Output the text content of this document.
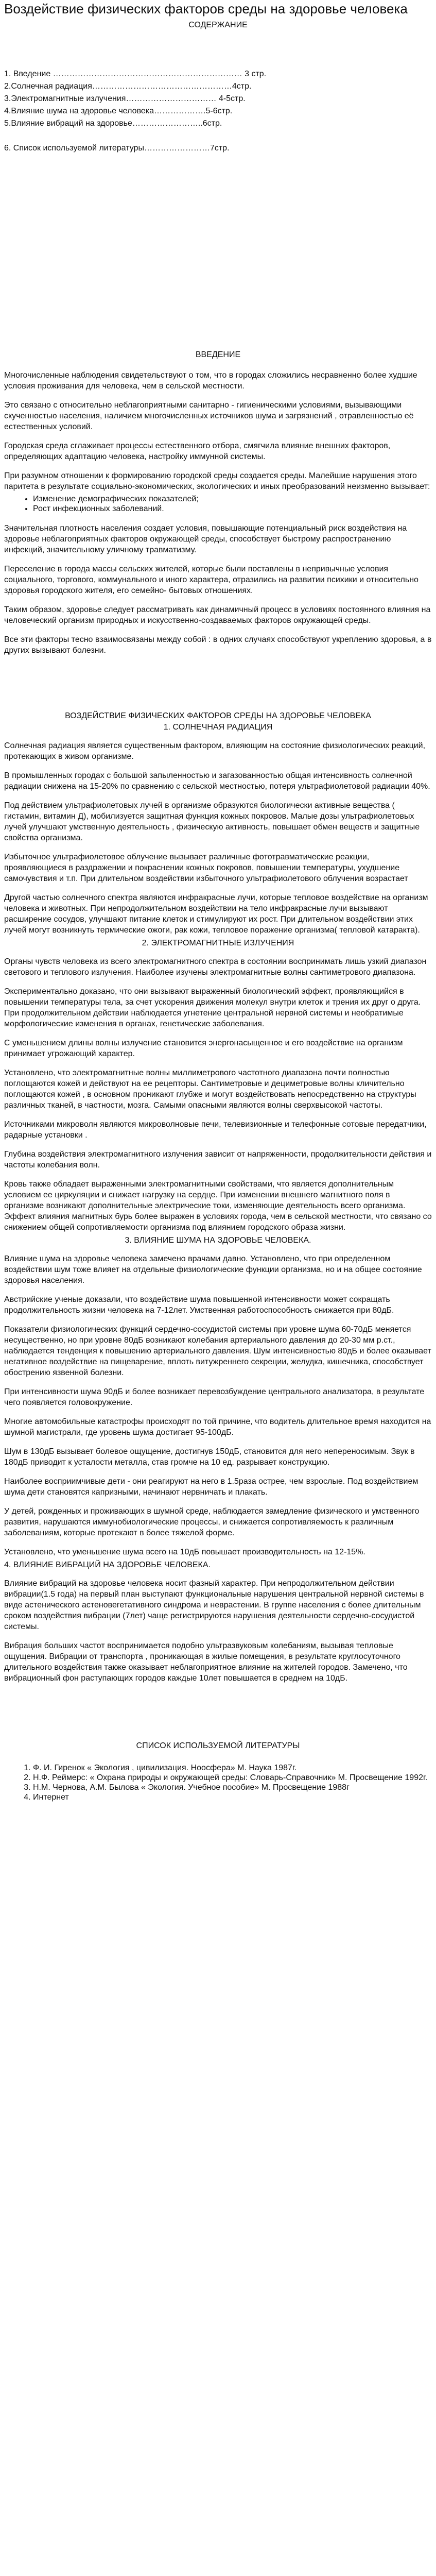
Воздействие физических факторов среды на здоровье человека

СОДЕРЖАНИЕ

1. Введение …………………………………………………………… 3 стр.

2.Солнечная радиация……………………………………………4стр.

3.Электромагнитные излучения…………………………… 4-5стр.

4.Влияние шума на здоровье человека……………….5-6стр.

5.Влияние вибраций на здоровье……………………..6стр.

6. Список используемой литературы……………………7стр.

ВВЕДЕНИЕ

Многочисленные наблюдения свидетельствуют о том, что в городах сложились несравненно более худшие условия проживания для человека, чем в сельской местности.

Это связано с относительно неблагоприятными санитарно - гигиеническими условиями, вызывающими скученностью населения, наличием многочисленных источников шума и загрязнений , отравленностью её естественных условий.

Городская среда сглаживает процессы естественного отбора, смягчила влияние внешних факторов, определяющих адаптацию человека, настройку иммунной системы.

При разумном отношении к формированию городской среды создается среды. Малейшие нарушения этого паритета в результате социально-экономических, экологических и иных преобразований неизменно вызывает:

• Изменение демографических показателей;
• Рост инфекционных заболеваний.

Значительная плотность населения создает условия, повышающие потенциальный риск воздействия на здоровье неблагоприятных факторов окружающей среды, способствует быстрому распространению инфекций, значительному уличному травматизму.

Переселение в города массы сельских жителей, которые были поставлены в непривычные условия социального, торгового, коммунального и иного характера, отразились на развитии психики и относительно здоровья городского жителя, его семейно- бытовых отношениях.

Таким образом, здоровье следует рассматривать как динамичный процесс в условиях постоянного влияния на человеческий организм природных и искусственно-создаваемых факторов окружающей среды.

Все эти факторы тесно взаимосвязаны между собой : в одних случаях способствуют укреплению здоровья, а в других вызывают болезни.

ВОЗДЕЙСТВИЕ ФИЗИЧЕСКИХ ФАКТОРОВ СРЕДЫ НА ЗДОРОВЬЕ ЧЕЛОВЕКА

1. СОЛНЕЧНАЯ РАДИАЦИЯ

Солнечная радиация является существенным фактором, влияющим на состояние физиологических реакций, протекающих в живом организме.

В промышленных городах с большой запыленностью и загазованностью общая интенсивность солнечной радиации снижена на 15-20% по сравнению с сельской местностью, потеря ультрафиолетовой радиации 40%.

Под действием ультрафиолетовых лучей в организме образуются биологически активные вещества ( гистамин, витамин Д), мобилизуется защитная функция кожных покровов. Малые дозы ультрафиолетовых лучей улучшают умственную деятельность , физическую активность, повышает обмен веществ и защитные свойства организма.

Избыточное ультрафиолетовое облучение вызывает различные фототравматические реакции, проявляющиеся в раздражении и покраснении кожных покровов, повышении температуры, ухудшение самочувствия и т.п. При длительном воздействии избыточного ультрафиолетового облучения возрастает

Другой частью солнечного спектра являются инфракрасные лучи, которые тепловое воздействие на организм человека и животных. При непродолжительном воздействии на тело инфракрасные лучи вызывают расширение сосудов, улучшают питание клеток и стимулируют их рост. При длительном воздействии этих лучей могут возникнуть термические ожоги, рак кожи, тепловое поражение организма( тепловой катаракта).

2. ЭЛЕКТРОМАГНИТНЫЕ ИЗЛУЧЕНИЯ

Органы чувств человека из всего электромагнитного спектра в состоянии воспринимать лишь узкий диапазон светового и теплового излучения. Наиболее изучены электромагнитные волны сантиметрового диапазона.

Экспериментально доказано, что они вызывают выраженный биологический эффект, проявляющийся в повышении температуры тела, за счет ускорения движения молекул внутри клеток и трения их друг о друга. При продолжительном действии наблюдается угнетение центральной нервной системы и необратимые морфологические изменения в органах, генетические заболевания.

С уменьшением длины волны излучение становится энергонасыщенное и его воздействие на организм принимает угрожающий характер.

Установлено, что электромагнитные волны миллиметрового частотного диапазона почти полностью поглощаются кожей и действуют на ее рецепторы. Сантиметровые и дециметровые волны кличительно поглощаются кожей , в основном проникают глубже и могут воздействовать непосредственно на структуры различных тканей, в частности, мозга. Самыми опасными являются волны сверхвысокой частоты.

Источниками микроволн являются микроволновые печи, телевизионные и телефонные сотовые передатчики, радарные установки .

Глубина воздействия электромагнитного излучения зависит от напряженности, продолжительности действия и частоты колебания волн.

Кровь также обладает выраженными электромагнитными свойствами, что является дополнительным условием ее циркуляции и снижает нагрузку на сердце. При изменении внешнего магнитного поля в организме возникают дополнительные электрические токи, изменяющие деятельность всего организма. Эффект влияния магнитных бурь более выражен в условиях города, чем в сельской местности, что связано со снижением общей сопротивляемости организма под влиянием городского образа жизни.

3. ВЛИЯНИЕ ШУМА НА ЗДОРОВЬЕ ЧЕЛОВЕКА.

Влияние шума на здоровье человека замечено врачами давно. Установлено, что при определенном воздействии шум тоже влияет на отдельные физиологические функции организма, но и на общее состояние здоровья населения.

Австрийские ученые доказали, что воздействие шума повышенной интенсивности может сокращать продолжительность жизни человека на 7-12лет. Умственная работоспособность снижается при 80дБ.

Показатели физиологических функций сердечно-сосудистой системы при уровне шума 60-70дБ меняется несущественно, но при уровне 80дБ возникают колебания артериального давления до 20-30 мм р.ст., наблюдается тенденция к повышению артериального давления. Шум интенсивностью 80дБ и более оказывает негативное воздействие на пищеварение, вплоть витужреннего секреции, желудка, кишечника, способствует обострению язвенной болезни.

При интенсивности шума 90дБ и более возникает перевозбуждение центрального анализатора, в результате чего появляется головокружение.

Многие автомобильные катастрофы происходят по той причине, что водитель длительное время находится на шумной магистрали, где уровень шума достигает 95-100дБ.

Шум в 130дБ вызывает болевое ощущение, достигнув 150дБ, становится для него непереносимым. Звук в 180дБ приводит к усталости металла, став громче на 10 ед. разрывает конструкцию.

Наиболее восприимчивые дети - они реагируют на него в 1.5раза острее, чем взрослые. Под воздействием шума дети становятся капризными, начинают нервничать и плакать.

У детей, рожденных и проживающих в шумной среде, наблюдается замедление физического и умственного развития, нарушаются иммунобиологические процессы, и снижается сопротивляемость к различным заболеваниям, которые протекают в более тяжелой форме.

Установлено, что уменьшение шума всего на 10дБ повышает производительность на 12-15%.

4. ВЛИЯНИЕ ВИБРАЦИЙ НА ЗДОРОВЬЕ ЧЕЛОВЕКА.

Влияние вибраций на здоровье человека носит фазный характер. При непродолжительном действии вибрации(1.5 года) на первый план выступают функциональные нарушения центральной нервной системы в виде астенического астеновегетативного синдрома и неврастении. В группе населения с более длительным сроком воздействия вибрации (7лет) чаще регистрируются нарушения деятельности сердечно-сосудистой системы.

Вибрация больших частот воспринимается подобно ультразвуковым колебаниям, вызывая тепловые ощущения. Вибрации от транспорта , проникающая в жилые помещения, в результате круглосуточного длительного воздействия также оказывает неблагоприятное влияние на жителей городов. Замечено, что вибрационный фон раступающих городов каждые 10лет повышается в среднем на 10дБ.

СПИСОК ИСПОЛЬЗУЕМОЙ ЛИТЕРАТУРЫ

1. Ф. И. Гиренок « Экология , цивилизация. Ноосфера» М. Наука 1987г.
2. Н.Ф. Реймерс: « Охрана природы и окружающей среды: Словарь-Справочник» М. Просвещение 1992г.
3. Н.М. Чернова, А.М. Былова « Экология. Учебное пособие» М. Просвещение 1988г
4. Интернет
